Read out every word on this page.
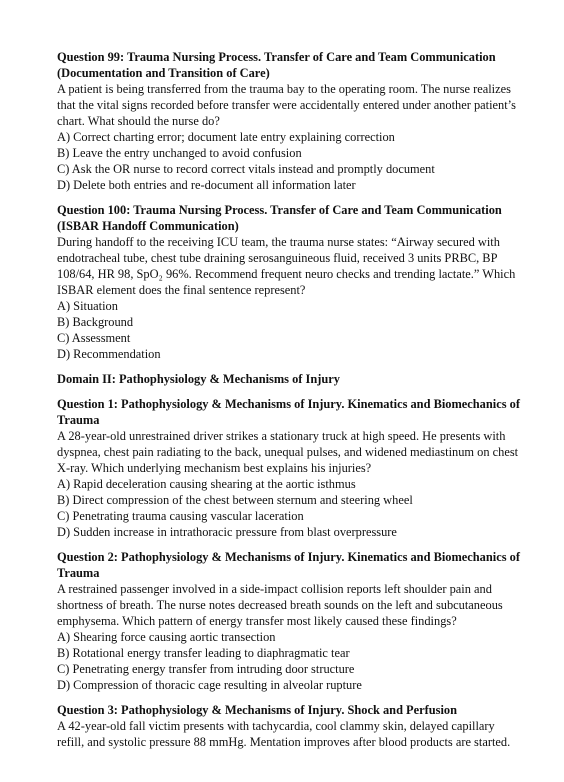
Question 99: Trauma Nursing Process. Transfer of Care and Team Communication (Documentation and Transition of Care)

A patient is being transferred from the trauma bay to the operating room. The nurse realizes that the vital signs recorded before transfer were accidentally entered under another patient’s chart. What should the nurse do?

A) Correct charting error; document late entry explaining correction
B) Leave the entry unchanged to avoid confusion
C) Ask the OR nurse to record correct vitals instead and promptly document
D) Delete both entries and re-document all information later

Question 100: Trauma Nursing Process. Transfer of Care and Team Communication (ISBAR Handoff Communication)

During handoff to the receiving ICU team, the trauma nurse states: “Airway secured with endotracheal tube, chest tube draining serosanguineous fluid, received 3 units PRBC, BP 108/64, HR 98, SpO₂ 96%. Recommend frequent neuro checks and trending lactate.” Which ISBAR element does the final sentence represent?

A) Situation
B) Background
C) Assessment
D) Recommendation

Domain II: Pathophysiology & Mechanisms of Injury

Question 1: Pathophysiology & Mechanisms of Injury. Kinematics and Biomechanics of Trauma

A 28-year-old unrestrained driver strikes a stationary truck at high speed. He presents with dyspnea, chest pain radiating to the back, unequal pulses, and widened mediastinum on chest X-ray. Which underlying mechanism best explains his injuries?

A) Rapid deceleration causing shearing at the aortic isthmus
B) Direct compression of the chest between sternum and steering wheel
C) Penetrating trauma causing vascular laceration
D) Sudden increase in intrathoracic pressure from blast overpressure

Question 2: Pathophysiology & Mechanisms of Injury. Kinematics and Biomechanics of Trauma

A restrained passenger involved in a side-impact collision reports left shoulder pain and shortness of breath. The nurse notes decreased breath sounds on the left and subcutaneous emphysema. Which pattern of energy transfer most likely caused these findings?

A) Shearing force causing aortic transection
B) Rotational energy transfer leading to diaphragmatic tear
C) Penetrating energy transfer from intruding door structure
D) Compression of thoracic cage resulting in alveolar rupture

Question 3: Pathophysiology & Mechanisms of Injury. Shock and Perfusion

A 42-year-old fall victim presents with tachycardia, cool clammy skin, delayed capillary refill, and systolic pressure 88 mmHg. Mentation improves after blood products are started.
